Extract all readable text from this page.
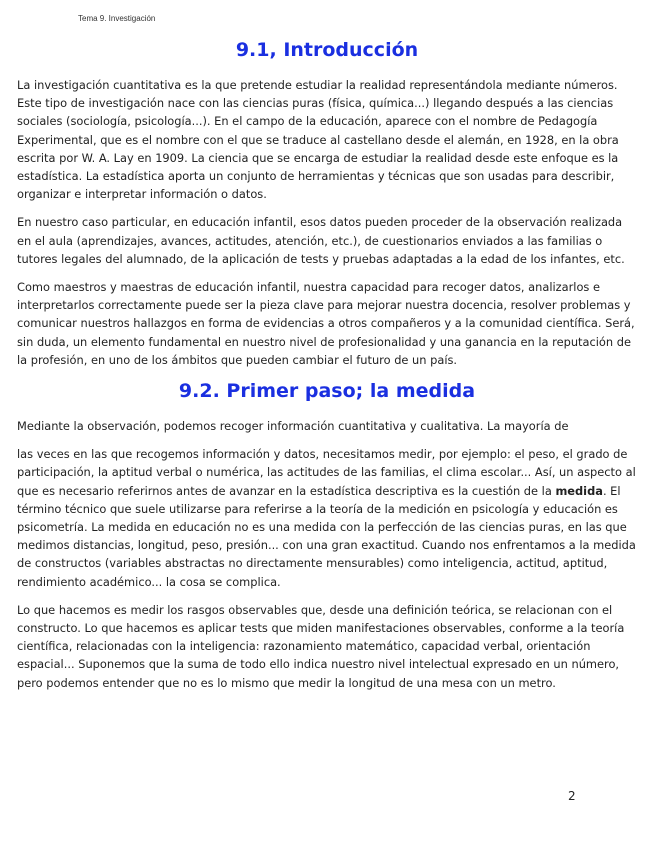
Tema 9. Investigación
9.1, Introducción

La investigación cuantitativa es la que pretende estudiar la realidad representándola mediante números. Este tipo de investigación nace con las ciencias puras (física, química...) llegando después a las ciencias sociales (sociología, psicología...). En el campo de la educación, aparece con el nombre de Pedagogía Experimental, que es el nombre con el que se traduce al castellano desde el alemán, en 1928, en la obra escrita por W. A. Lay en 1909. La ciencia que se encarga de estudiar la realidad desde este enfoque es la estadística. La estadística aporta un conjunto de herramientas y técnicas que son usadas para describir, organizar e interpretar información o datos.

En nuestro caso particular, en educación infantil, esos datos pueden proceder de la observación realizada en el aula (aprendizajes, avances, actitudes, atención, etc.), de cuestionarios enviados a las familias o tutores legales del alumnado, de la aplicación de tests y pruebas adaptadas a la edad de los infantes, etc.

Como maestros y maestras de educación infantil, nuestra capacidad para recoger datos, analizarlos e interpretarlos correctamente puede ser la pieza clave para mejorar nuestra docencia, resolver problemas y comunicar nuestros hallazgos en forma de evidencias a otros compañeros y a la comunidad científica. Será, sin duda, un elemento fundamental en nuestro nivel de profesionalidad y una ganancia en la reputación de la profesión, en uno de los ámbitos que pueden cambiar el futuro de un país.

9.2. Primer paso; la medida

Mediante la observación, podemos recoger información cuantitativa y cualitativa. La mayoría de

las veces en las que recogemos información y datos, necesitamos medir, por ejemplo: el peso, el grado de participación, la aptitud verbal o numérica, las actitudes de las familias, el clima escolar... Así, un aspecto al que es necesario referirnos antes de avanzar en la estadística descriptiva es la cuestión de la medida. El término técnico que suele utilizarse para referirse a la teoría de la medición en psicología y educación es psicometría. La medida en educación no es una medida con la perfección de las ciencias puras, en las que medimos distancias, longitud, peso, presión... con una gran exactitud. Cuando nos enfrentamos a la medida de constructos (variables abstractas no directamente mensurables) como inteligencia, actitud, aptitud, rendimiento académico... la cosa se complica.

Lo que hacemos es medir los rasgos observables que, desde una definición teórica, se relacionan con el constructo. Lo que hacemos es aplicar tests que miden manifestaciones observables, conforme a la teoría científica, relacionadas con la inteligencia: razonamiento matemático, capacidad verbal, orientación espacial... Suponemos que la suma de todo ello indica nuestro nivel intelectual expresado en un número, pero podemos entender que no es lo mismo que medir la longitud de una mesa con un metro.

2
